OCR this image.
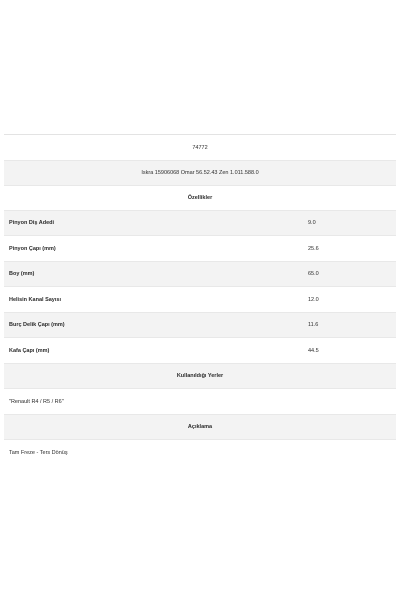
74772
Iskra 15906068 Omar 56.52.43 Zen 1.011.588.0
Özellikler
Pinyon Diş Adedi	9.0
Pinyon Çapı (mm)	25.6
Boy (mm)	65.0
Helisin Kanal Sayısı	12.0
Burç Delik Çapı (mm)	11.6
Kafa Çapı (mm)	44.5
Kullanıldığı Yerler
"Renault R4 / R5 / R6"
Açıklama
Tam Freze - Ters Dönüş
